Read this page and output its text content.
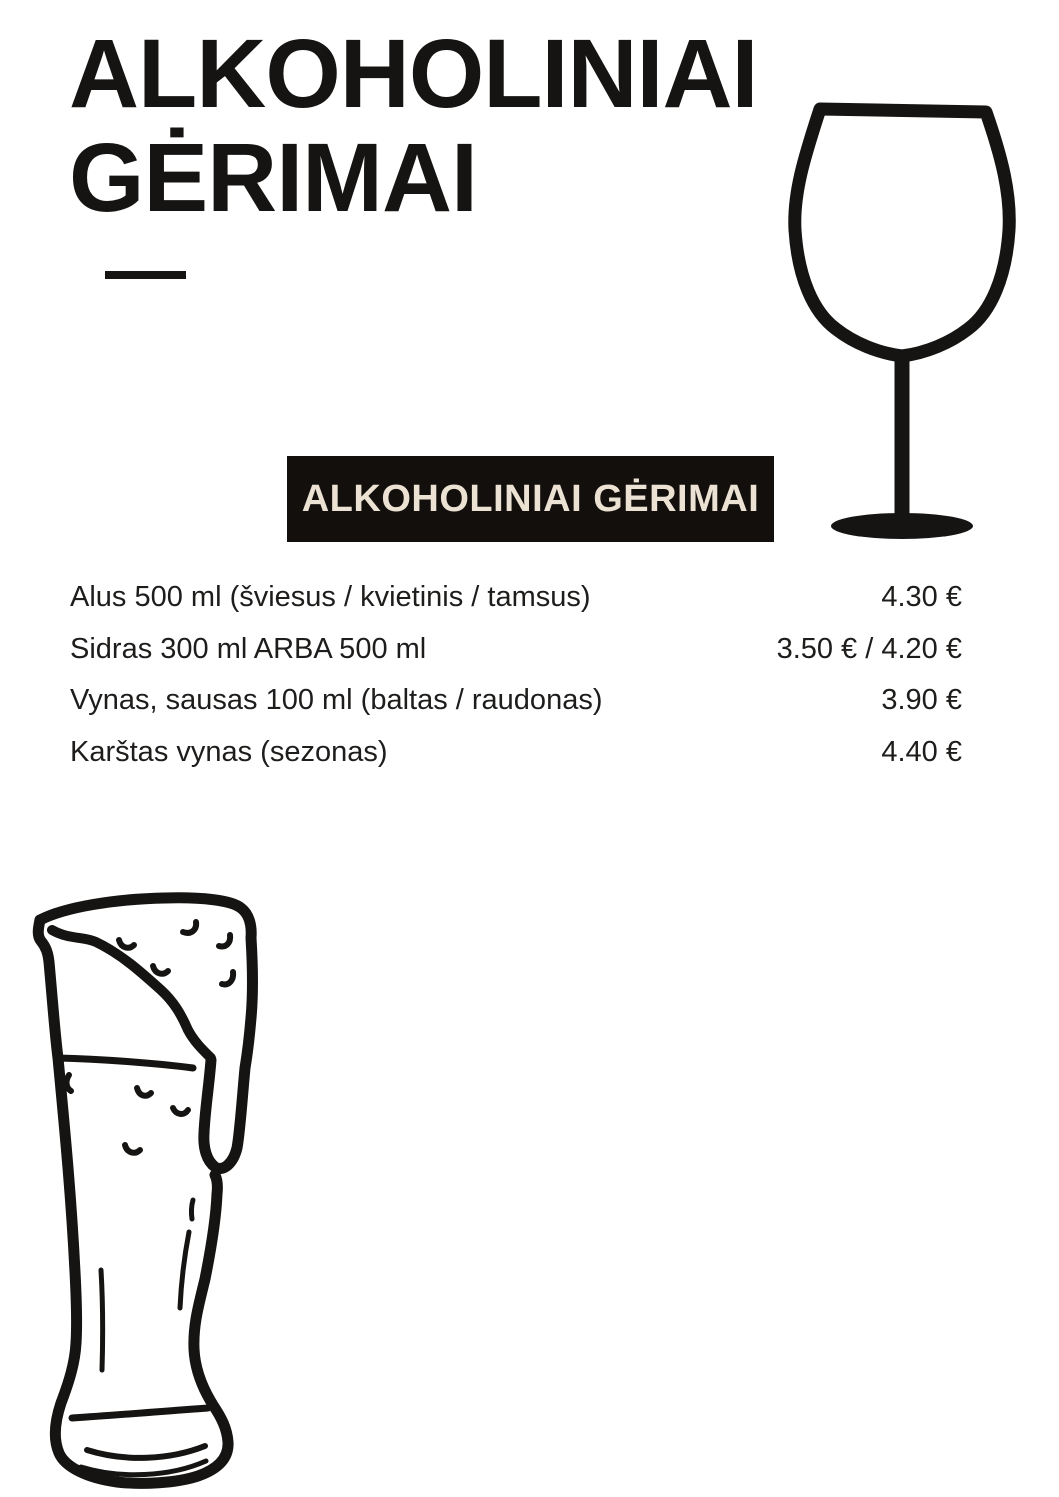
ALKOHOLINIAI
GĖRIMAI
ALKOHOLINIAI GĖRIMAI
Alus 500 ml (šviesus / kvietinis / tamsus)	4.30 €
Sidras 300 ml ARBA 500 ml	3.50 € / 4.20 €
Vynas, sausas 100 ml (baltas / raudonas)	3.90 €
Karštas vynas (sezonas)	4.40 €
